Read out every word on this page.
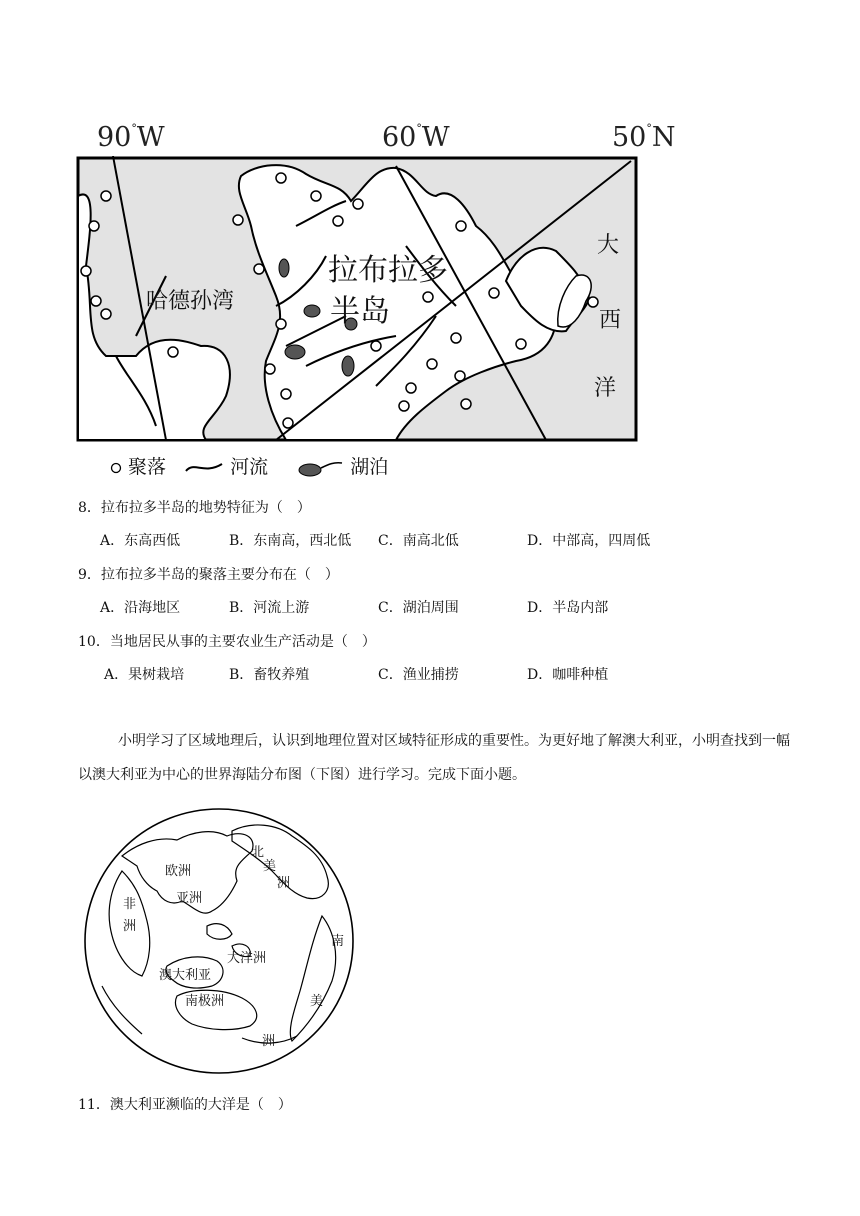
90°W	60°W	50°N
拉布拉多
半岛
哈德孙湾
大
西
洋
聚落	河流	湖泊
8．拉布拉多半岛的地势特征为（　）
A．东高西低	B．东南高，西北低 C．南高北低	D．中部高，四周低
9．拉布拉多半岛的聚落主要分布在（　）
A．沿海地区	B．河流上游	C．湖泊周围	D．半岛内部
10．当地居民从事的主要农业生产活动是（　）
A．果树栽培	B．畜牧养殖	C．渔业捕捞	D．咖啡种植
小明学习了区域地理后，认识到地理位置对区域特征形成的重要性。为更好地了解澳大利亚，小明查找到一幅以澳大利亚为中心的世界海陆分布图（下图）进行学习。完成下面小题。
欧洲
亚洲
非
洲
北
美
洲
大洋洲
澳大利亚
南极洲
南
美
洲
11．澳大利亚濒临的大洋是（　）
